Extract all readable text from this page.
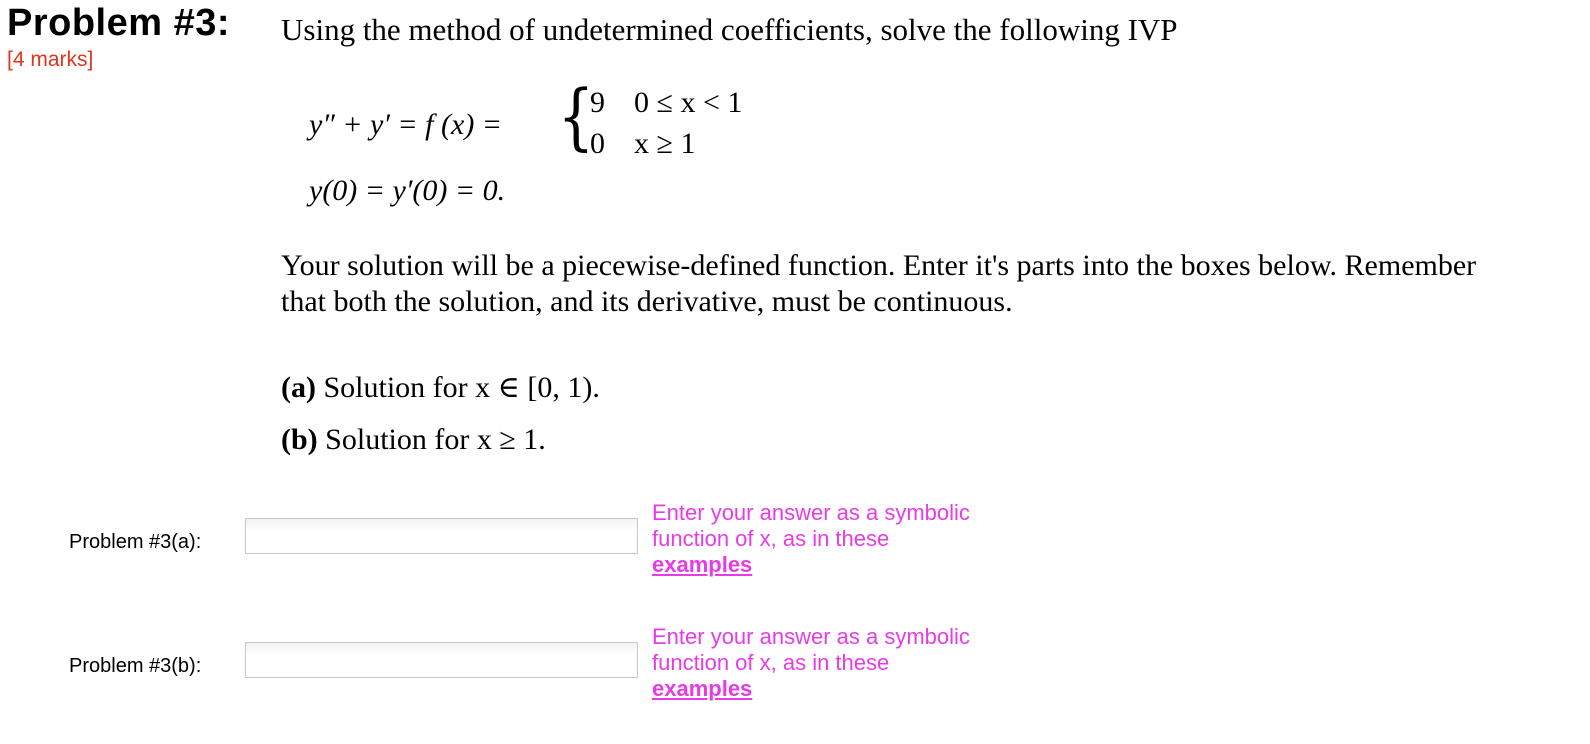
Problem #3:
[4 marks]
Using the method of undetermined coefficients, solve the following IVP
y″ + y′ = f (x) = {
9 0 ≤ x < 1
0 x ≥ 1
y(0) = y′(0) = 0.
Your solution will be a piecewise-defined function. Enter it's parts into the boxes below. Remember
that both the solution, and its derivative, must be continuous.
(a) Solution for x ∈ [0, 1).
(b) Solution for x ≥ 1.
Problem #3(a):
Enter your answer as a symbolic function of x, as in these
examples
Problem #3(b):
Enter your answer as a symbolic function of x, as in these
examples
